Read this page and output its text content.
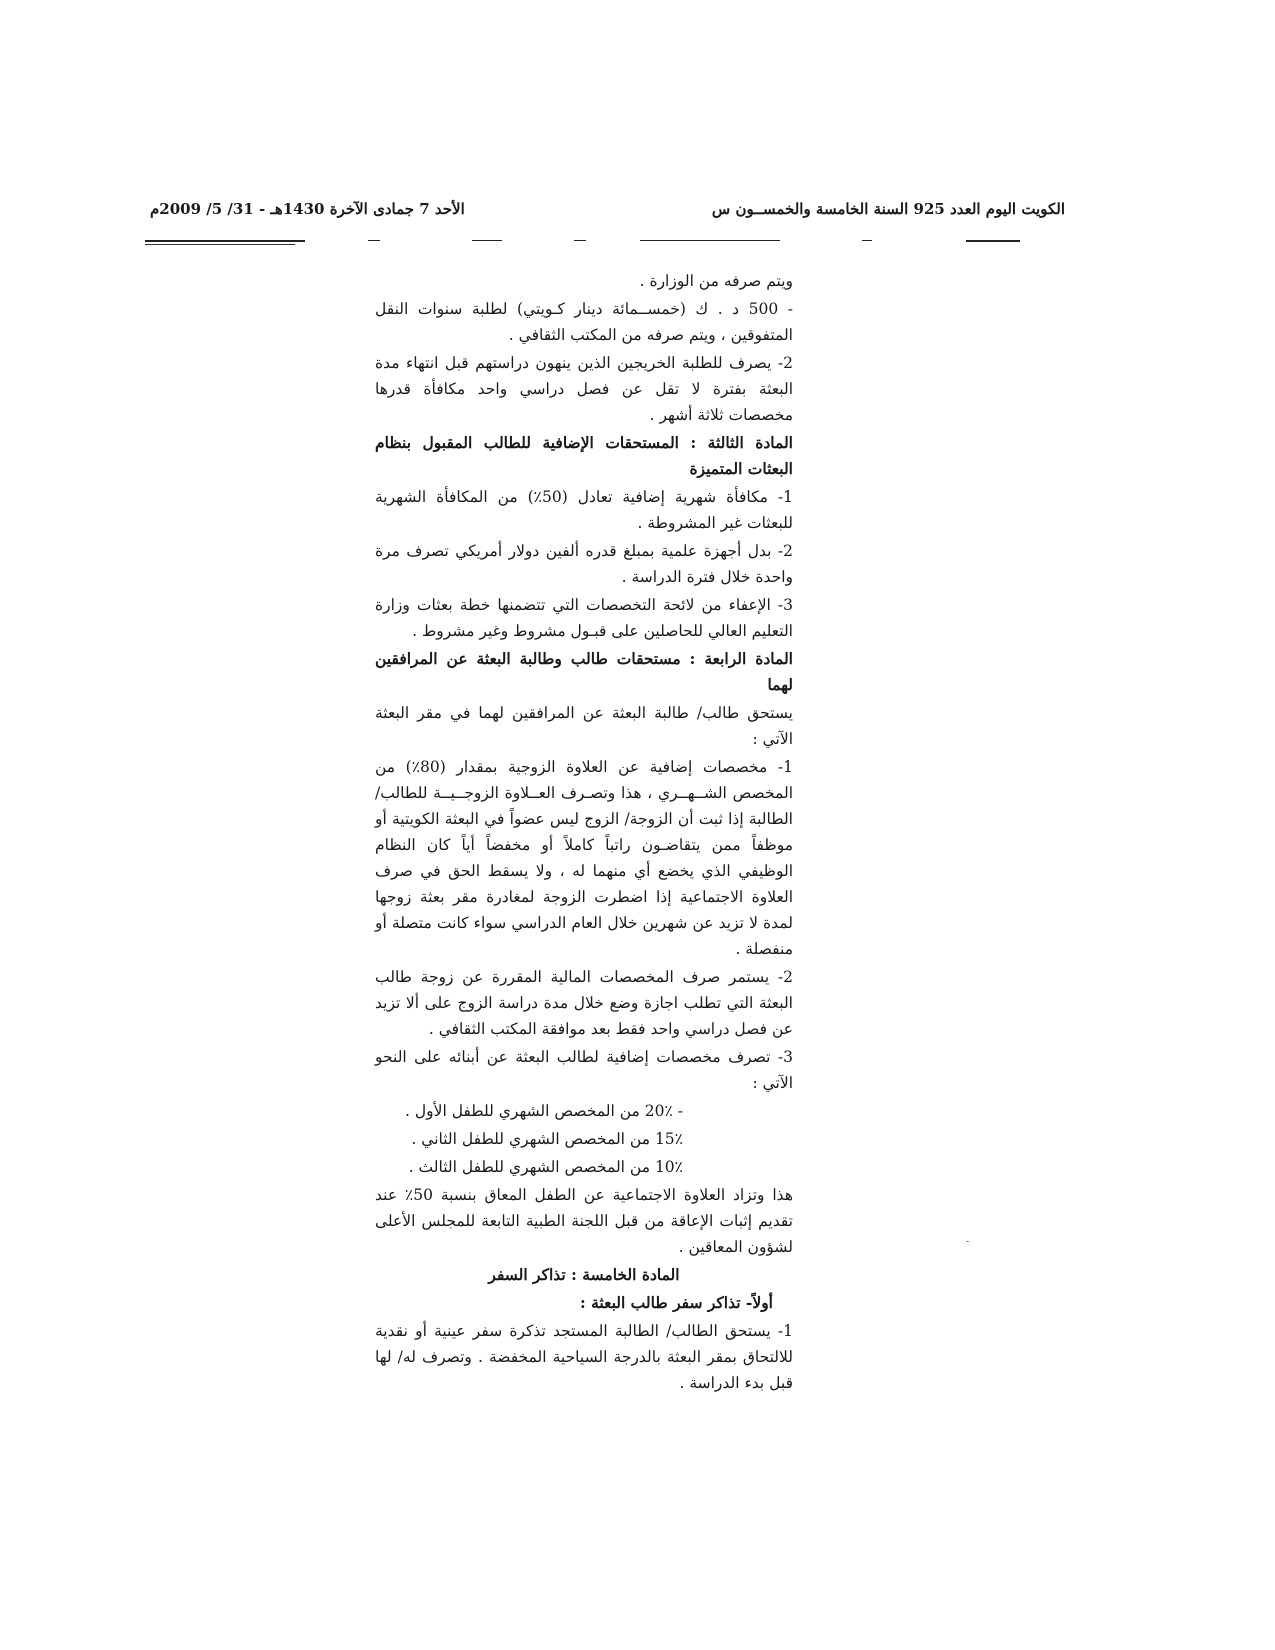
الكويت اليوم العدد 925 السنة الخامسة والخمســون س
الأحد 7 جمادى الآخرة 1430هـ - 31/ 5/ 2009م

ويتم صرفه من الوزارة .

- 500 د . ك (خمســمائة دينار كـويتي) لطلبة سنوات النقل المتفوقين ، ويتم صرفه من المكتب الثقافي .

2- يصرف للطلبة الخريجين الذين ينهون دراستهم قبل انتهاء مدة البعثة بفترة لا تقل عن فصل دراسي واحد مكافأة قدرها مخصصات ثلاثة أشهر .

المادة الثالثة : المستحقات الإضافية للطالب المقبول بنظام البعثات المتميزة

1- مكافأة شهرية إضافية تعادل (50٪) من المكافأة الشهرية للبعثات غير المشروطة .

2- بدل أجهزة علمية بمبلغ قدره ألفين دولار أمريكي تصرف مرة واحدة خلال فترة الدراسة .

3- الإعفاء من لائحة التخصصات التي تتضمنها خطة بعثات وزارة التعليم العالي للحاصلين على قبـول مشروط وغير مشروط .

المادة الرابعة : مستحقات طالب وطالبة البعثة عن المرافقين لهما

يستحق طالب/ طالبة البعثة عن المرافقين لهما في مقر البعثة الآتي :

1- مخصصات إضافية عن العلاوة الزوجية بمقدار (80٪) من المخصص الشــهــري ، هذا وتصـرف العــلاوة الزوجــيــة للطالب/ الطالبة إذا ثبت أن الزوجة/ الزوج ليس عضواً في البعثة الكويتية أو موظفاً ممن يتقاضـون راتباً كاملاً أو مخفضاً أياً كان النظام الوظيفي الذي يخضع أي منهما له ، ولا يسقط الحق في صرف العلاوة الاجتماعية إذا اضطرت الزوجة لمغادرة مقر بعثة زوجها لمدة لا تزيد عن شهرين خلال العام الدراسي سواء كانت متصلة أو منفصلة .

2- يستمر صرف المخصصات المالية المقررة عن زوجة طالب البعثة التي تطلب اجازة وضع خلال مدة دراسة الزوج على ألا تزيد عن فصل دراسي واحد فقط بعد موافقة المكتب الثقافي .

3- تصرف مخصصات إضافية لطالب البعثة عن أبنائه على النحو الآتي :

- 20٪ من المخصص الشهري للطفل الأول .

15٪ من المخصص الشهري للطفل الثاني .

10٪ من المخصص الشهري للطفل الثالث .

هذا وتزاد العلاوة الاجتماعية عن الطفل المعاق بنسبة 50٪ عند تقديم إثبات الإعاقة من قبل اللجنة الطبية التابعة للمجلس الأعلى لشؤون المعاقين .

المادة الخامسة : تذاكر السفر

أولاً- تذاكر سفر طالب البعثة :

1- يستحق الطالب/ الطالبة المستجد تذكرة سفر عينية أو نقدية للالتحاق بمقر البعثة بالدرجة السياحية المخفضة . وتصرف له/ لها قبل بدء الدراسة .
